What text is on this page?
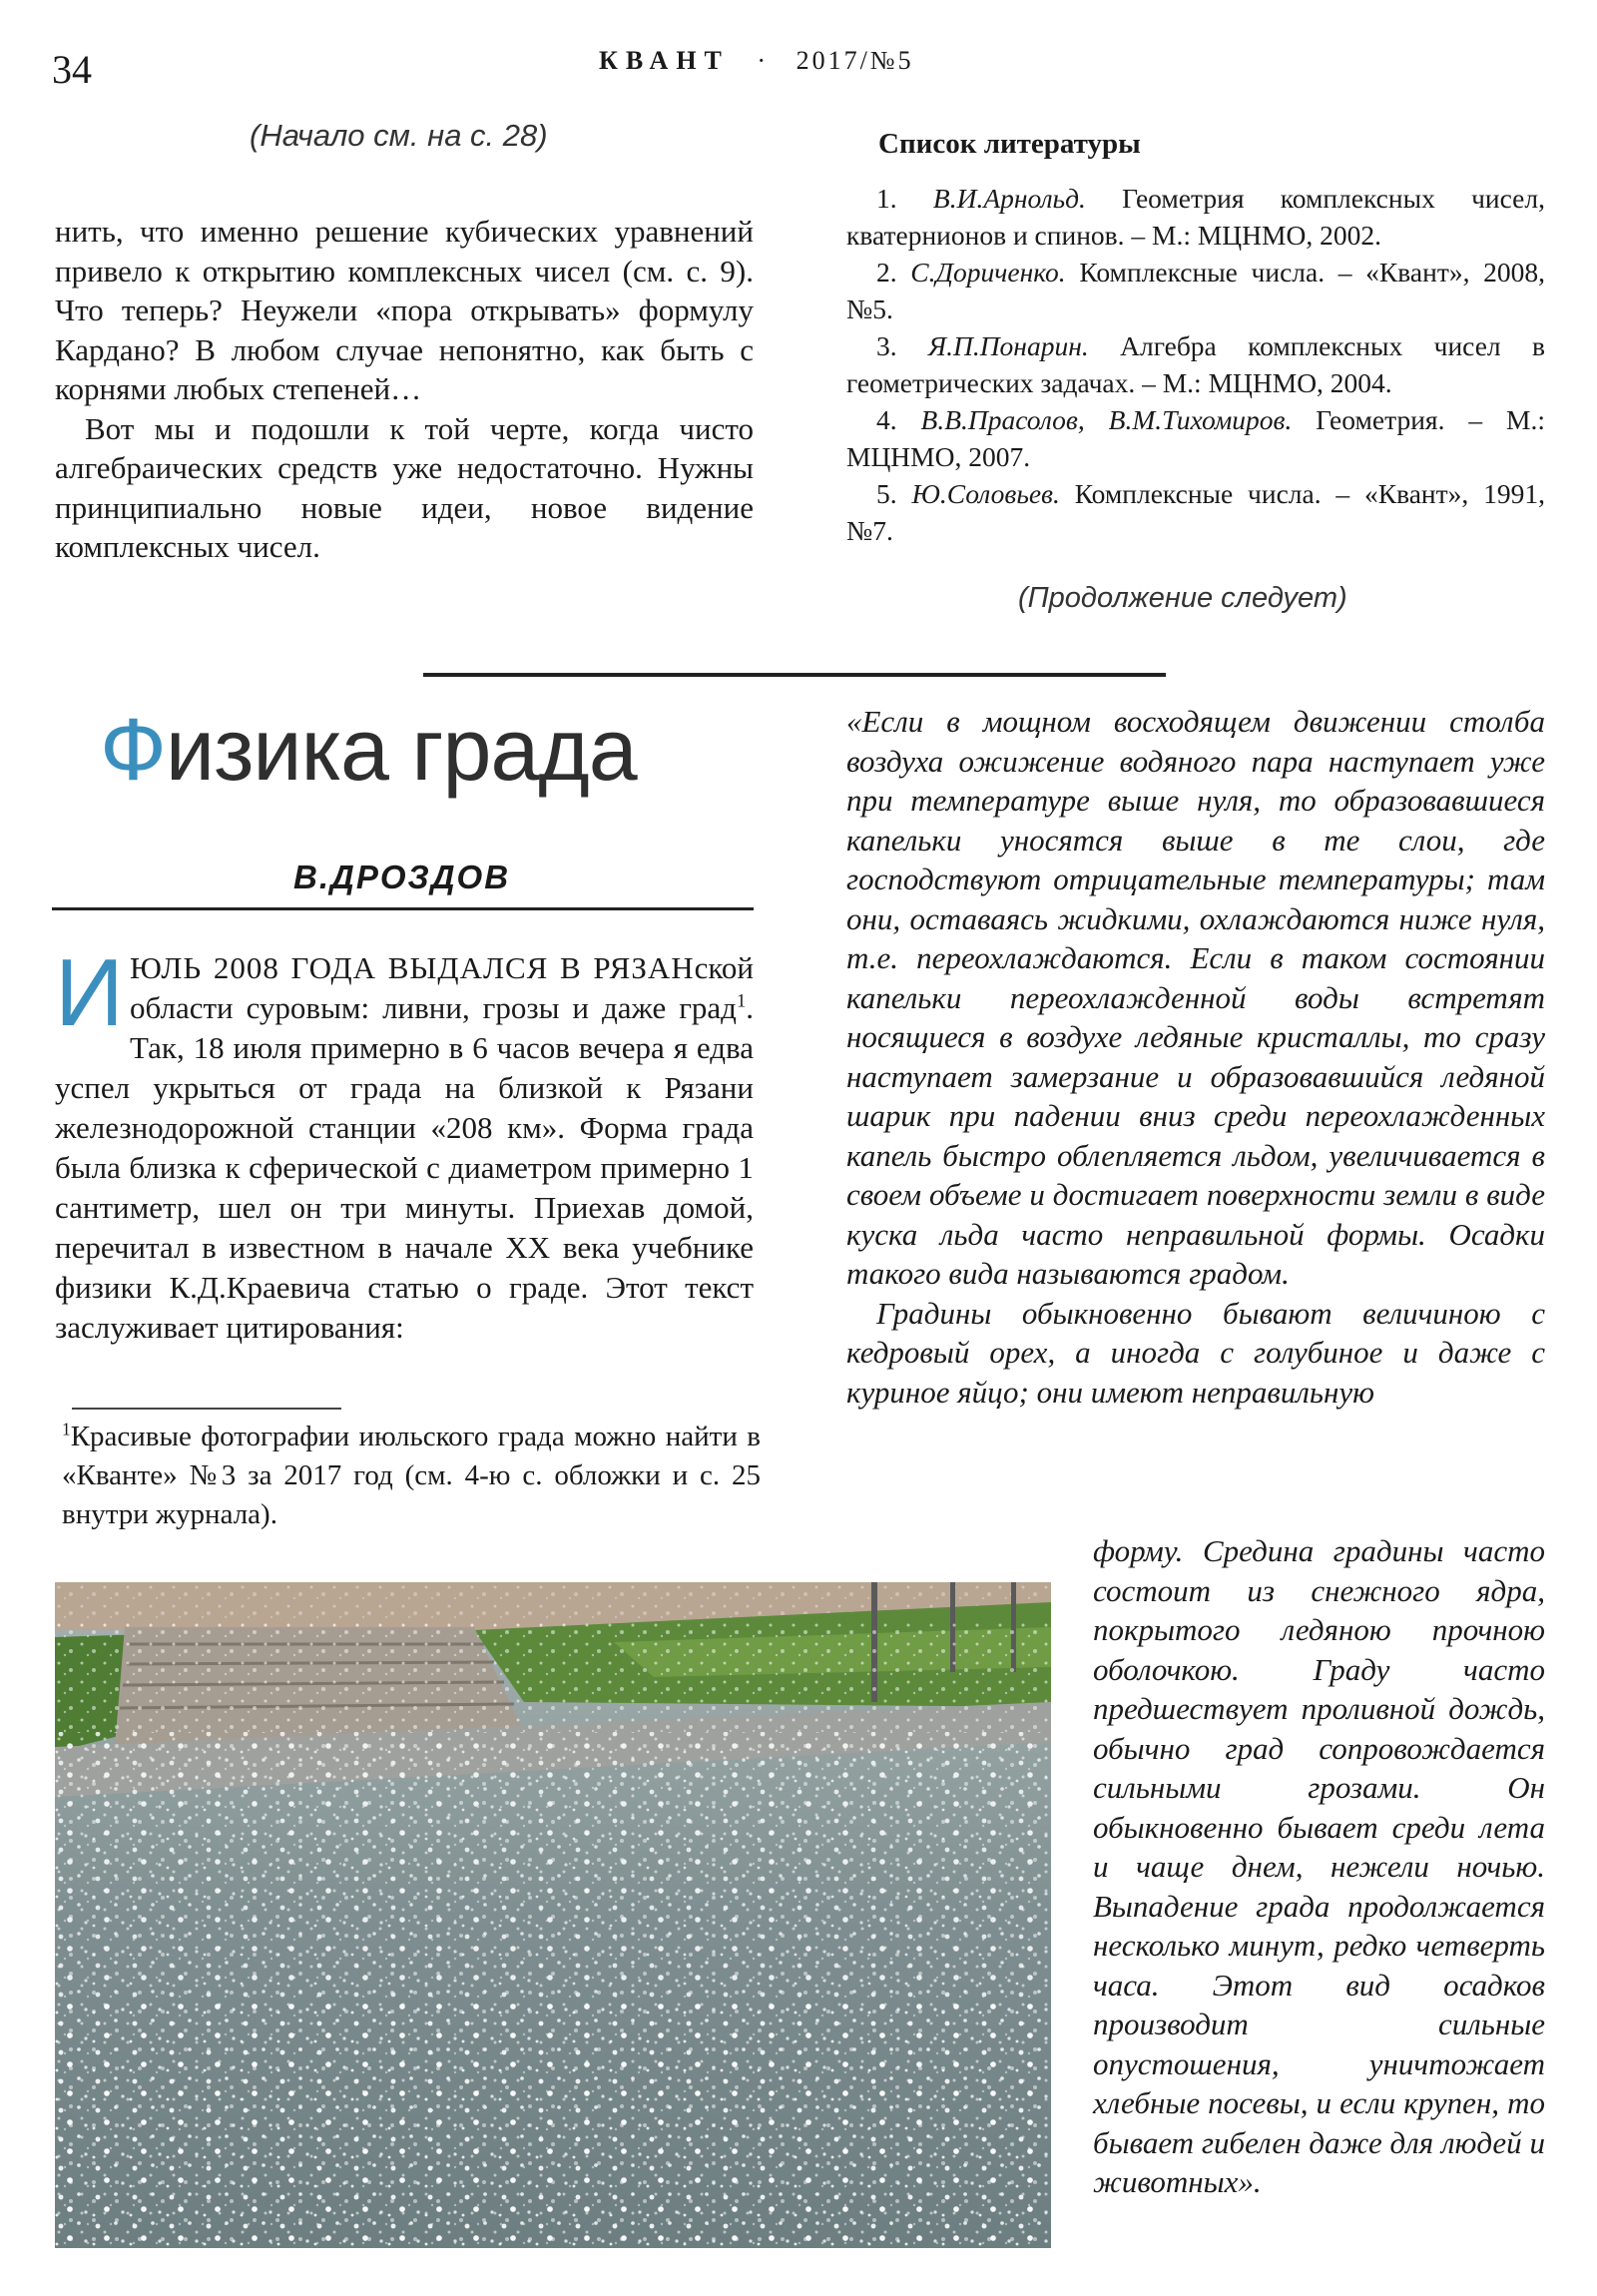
34	КВАНТ · 2017/№5
(Начало см. на с. 28)

нить, что именно решение кубических уравнений привело к открытию комплексных чисел (см. с. 9). Что теперь? Неужели «пора открывать» формулу Кардано? В любом случае непонятно, как быть с корнями любых степеней…

Вот мы и подошли к той черте, когда чисто алгебраических средств уже недостаточно. Нужны принципиально новые идеи, новое видение комплексных чисел.

Список литературы

1. В.И.Арнольд. Геометрия комплексных чисел, кватернионов и спинов. – М.: МЦНМО, 2002.

2. С.Дориченко. Комплексные числа. – «Квант», 2008, №5.

3. Я.П.Понарин. Алгебра комплексных чисел в геометрических задачах. – М.: МЦНМО, 2004.

4. В.В.Прасолов, В.М.Тихомиров. Геометрия. – М.: МЦНМО, 2007.

5. Ю.Соловьев. Комплексные числа. – «Квант», 1991, №7.

(Продолжение следует)
Физика града
В.ДРОЗДОВ
ИЮЛЬ 2008 ГОДА ВЫДАЛСЯ В РЯЗАНской области суровым: ливни, грозы и даже град$^1$. Так, 18 июля примерно в 6 часов вечера я едва успел укрыться от града на близкой к Рязани железнодорожной станции «208 км». Форма града была близка к сферической с диаметром примерно 1 сантиметр, шел он три минуты. Приехав домой, перечитал в известном в начале XX века учебнике физики К.Д.Краевича статью о граде. Этот текст заслуживает цитирования:
$^1$Красивые фотографии июльского града можно найти в «Кванте» №3 за 2017 год (см. 4-ю с. обложки и с. 25 внутри журнала).

«Если в мощном восходящем движении столба воздуха ожижение водяного пара наступает уже при температуре выше нуля, то образовавшиеся капельки уносятся выше в те слои, где господствуют отрицательные температуры; там они, оставаясь жидкими, охлаждаются ниже нуля, т.е. переохлаждаются. Если в таком состоянии капельки переохлажденной воды встретят носящиеся в воздухе ледяные кристаллы, то сразу наступает замерзание и образовавшийся ледяной шарик при падении вниз среди переохлажденных капель быстро облепляется льдом, увеличивается в своем объеме и достигает поверхности земли в виде куска льда часто неправильной формы. Осадки такого вида называются градом.

Градины обыкновенно бывают величиною с кедровый орех, а иногда с голубиное и даже с куриное яйцо; они имеют неправильную

форму. Средина градины часто состоит из снежного ядра, покрытого ледяною прочною оболочкою. Граду часто предшествует проливной дождь, обычно град сопровождается сильными грозами. Он обыкновенно бывает среди лета и чаще днем, нежели ночью. Выпадение града продолжается несколько минут, редко четверть часа. Этот вид осадков производит сильные опустошения, уничтожает хлебные посевы, и если крупен, то бывает гибелен даже для людей и животных».
